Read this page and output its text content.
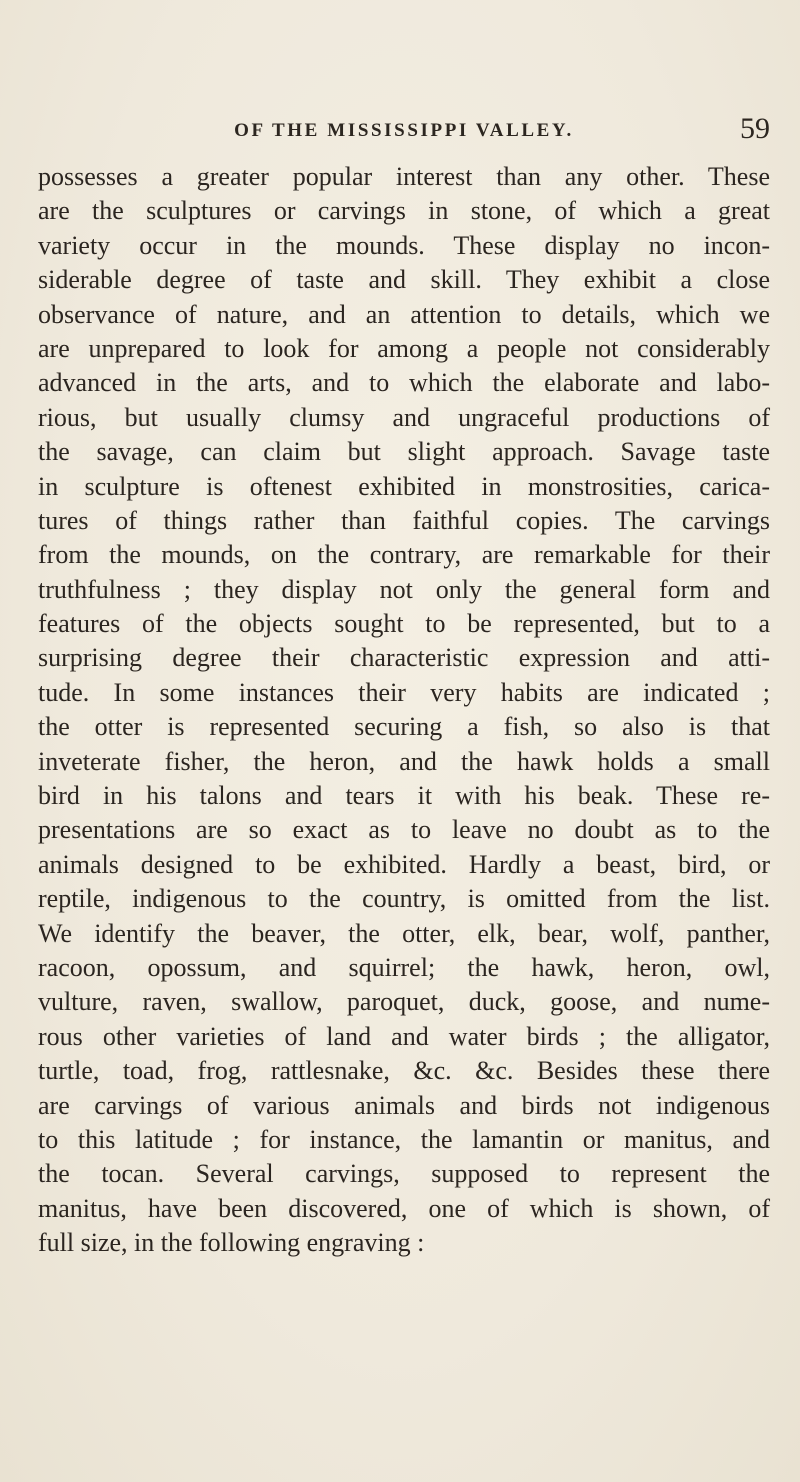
OF THE MISSISSIPPI VALLEY.	59
possesses a greater popular interest than any other. These
are the sculptures or carvings in stone, of which a great
variety occur in the mounds. These display no incon-
siderable degree of taste and skill. They exhibit a close
observance of nature, and an attention to details, which we
are unprepared to look for among a people not considerably
advanced in the arts, and to which the elaborate and labo-
rious, but usually clumsy and ungraceful productions of
the savage, can claim but slight approach. Savage taste
in sculpture is oftenest exhibited in monstrosities, carica-
tures of things rather than faithful copies. The carvings
from the mounds, on the contrary, are remarkable for their
truthfulness ; they display not only the general form and
features of the objects sought to be represented, but to a
surprising degree their characteristic expression and atti-
tude. In some instances their very habits are indicated ;
the otter is represented securing a fish, so also is that
inveterate fisher, the heron, and the hawk holds a small
bird in his talons and tears it with his beak. These re-
presentations are so exact as to leave no doubt as to the
animals designed to be exhibited. Hardly a beast, bird, or
reptile, indigenous to the country, is omitted from the list.
We identify the beaver, the otter, elk, bear, wolf, panther,
racoon, opossum, and squirrel; the hawk, heron, owl,
vulture, raven, swallow, paroquet, duck, goose, and nume-
rous other varieties of land and water birds ; the alligator,
turtle, toad, frog, rattlesnake, &c. &c. Besides these there
are carvings of various animals and birds not indigenous
to this latitude ; for instance, the lamantin or manitus, and
the tocan. Several carvings, supposed to represent the
manitus, have been discovered, one of which is shown, of
full size, in the following engraving :
